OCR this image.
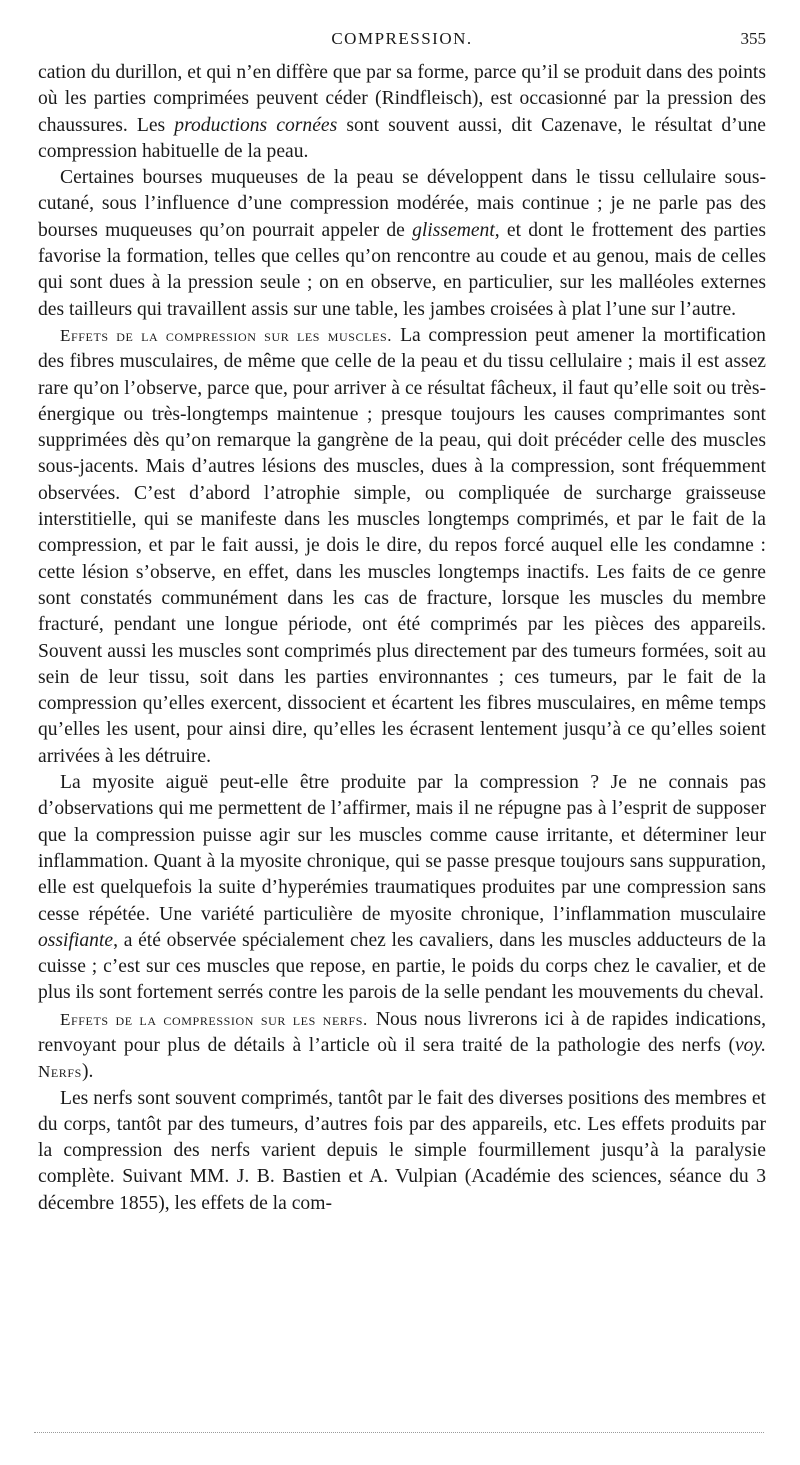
COMPRESSION.	355

cation du durillon, et qui n’en diffère que par sa forme, parce qu’il se produit dans des points où les parties comprimées peuvent céder (Rindfleisch), est occasionné par la pression des chaussures. Les productions cornées sont souvent aussi, dit Cazenave, le résultat d’une compression habituelle de la peau.

Certaines bourses muqueuses de la peau se développent dans le tissu cellulaire sous-cutané, sous l’influence d’une compression modérée, mais continue ; je ne parle pas des bourses muqueuses qu’on pourrait appeler de glissement, et dont le frottement des parties favorise la formation, telles que celles qu’on rencontre au coude et au genou, mais de celles qui sont dues à la pression seule ; on en observe, en particulier, sur les malléoles externes des tailleurs qui travaillent assis sur une table, les jambes croisées à plat l’une sur l’autre.

Effets de la compression sur les muscles. La compression peut amener la mortification des fibres musculaires, de même que celle de la peau et du tissu cellulaire ; mais il est assez rare qu’on l’observe, parce que, pour arriver à ce résultat fâcheux, il faut qu’elle soit ou très-énergique ou très-longtemps maintenue ; presque toujours les causes comprimantes sont supprimées dès qu’on remarque la gangrène de la peau, qui doit précéder celle des muscles sous-jacents. Mais d’autres lésions des muscles, dues à la compression, sont fréquemment observées. C’est d’abord l’atrophie simple, ou compliquée de surcharge graisseuse interstitielle, qui se manifeste dans les muscles longtemps comprimés, et par le fait de la compression, et par le fait aussi, je dois le dire, du repos forcé auquel elle les condamne : cette lésion s’observe, en effet, dans les muscles longtemps inactifs. Les faits de ce genre sont constatés communément dans les cas de fracture, lorsque les muscles du membre fracturé, pendant une longue période, ont été comprimés par les pièces des appareils. Souvent aussi les muscles sont comprimés plus directement par des tumeurs formées, soit au sein de leur tissu, soit dans les parties environnantes ; ces tumeurs, par le fait de la compression qu’elles exercent, dissocient et écartent les fibres musculaires, en même temps qu’elles les usent, pour ainsi dire, qu’elles les écrasent lentement jusqu’à ce qu’elles soient arrivées à les détruire.

La myosite aiguë peut-elle être produite par la compression ? Je ne connais pas d’observations qui me permettent de l’affirmer, mais il ne répugne pas à l’esprit de supposer que la compression puisse agir sur les muscles comme cause irritante, et déterminer leur inflammation. Quant à la myosite chronique, qui se passe presque toujours sans suppuration, elle est quelquefois la suite d’hyperémies traumatiques produites par une compression sans cesse répétée. Une variété particulière de myosite chronique, l’inflammation musculaire ossifiante, a été observée spécialement chez les cavaliers, dans les muscles adducteurs de la cuisse ; c’est sur ces muscles que repose, en partie, le poids du corps chez le cavalier, et de plus ils sont fortement serrés contre les parois de la selle pendant les mouvements du cheval.

Effets de la compression sur les nerfs. Nous nous livrerons ici à de rapides indications, renvoyant pour plus de détails à l’article où il sera traité de la pathologie des nerfs (voy. Nerfs).

Les nerfs sont souvent comprimés, tantôt par le fait des diverses positions des membres et du corps, tantôt par des tumeurs, d’autres fois par des appareils, etc. Les effets produits par la compression des nerfs varient depuis le simple fourmillement jusqu’à la paralysie complète. Suivant MM. J. B. Bastien et A. Vulpian (Académie des sciences, séance du 3 décembre 1855), les effets de la com-
